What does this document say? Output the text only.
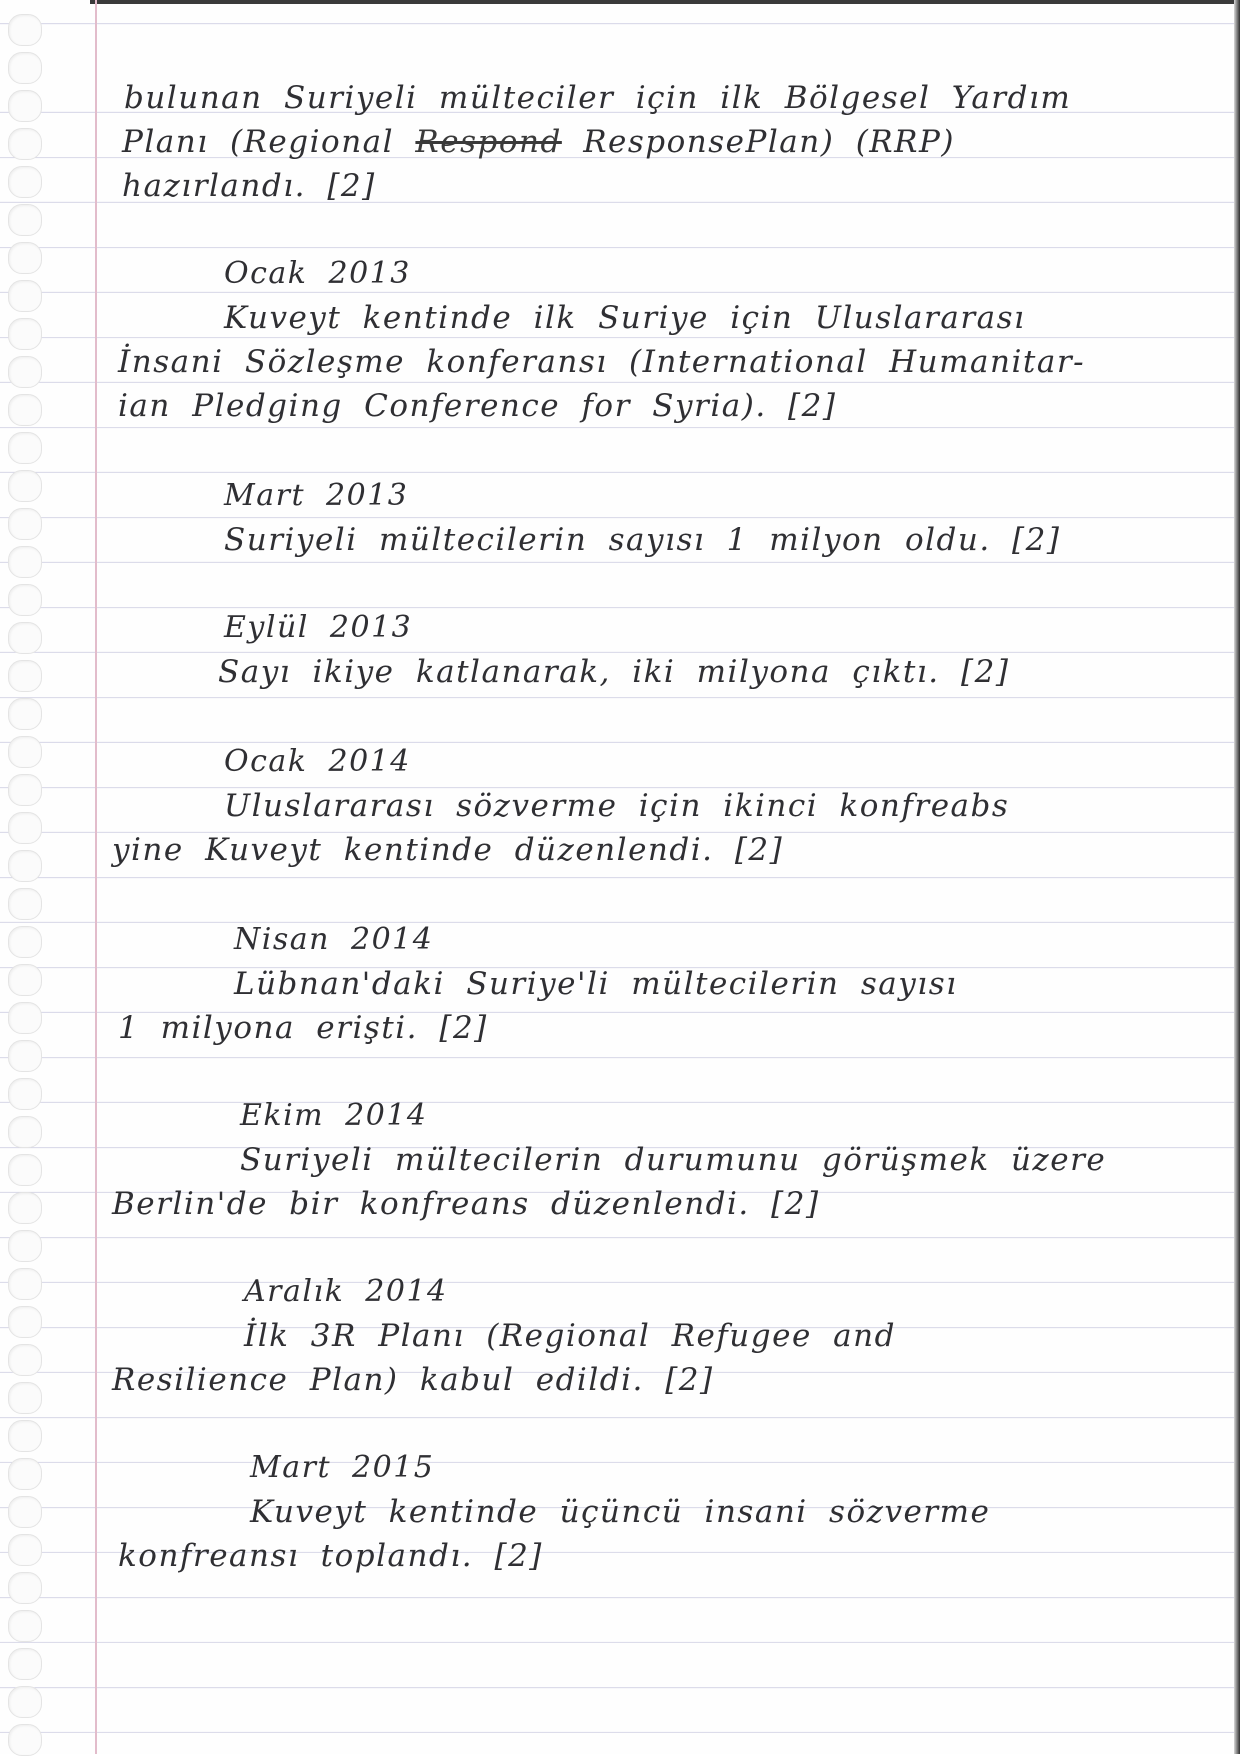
bulunan Suriyeli mülteciler için ilk Bölgesel Yardım
Planı (Regional Respond ResponsePlan) (RRP)
hazırlandı. [2]
Ocak 2013
Kuveyt kentinde ilk Suriye için Uluslararası
İnsani Sözleşme konferansı (International Humanitar-
ian Pledging Conference for Syria). [2]
Mart 2013
Suriyeli mültecilerin sayısı 1 milyon oldu. [2]
Eylül 2013
Sayı ikiye katlanarak, iki milyona çıktı. [2]
Ocak 2014
Uluslararası sözverme için ikinci konfreabs
yine Kuveyt kentinde düzenlendi. [2]
Nisan 2014
Lübnan'daki Suriye'li mültecilerin sayısı
1 milyona erişti. [2]
Ekim 2014
Suriyeli mültecilerin durumunu görüşmek üzere
Berlin'de bir konfreans düzenlendi. [2]
Aralık 2014
İlk 3R Planı (Regional Refugee and
Resilience Plan) kabul edildi. [2]
Mart 2015
Kuveyt kentinde üçüncü insani sözverme
konfreansı toplandı. [2]
